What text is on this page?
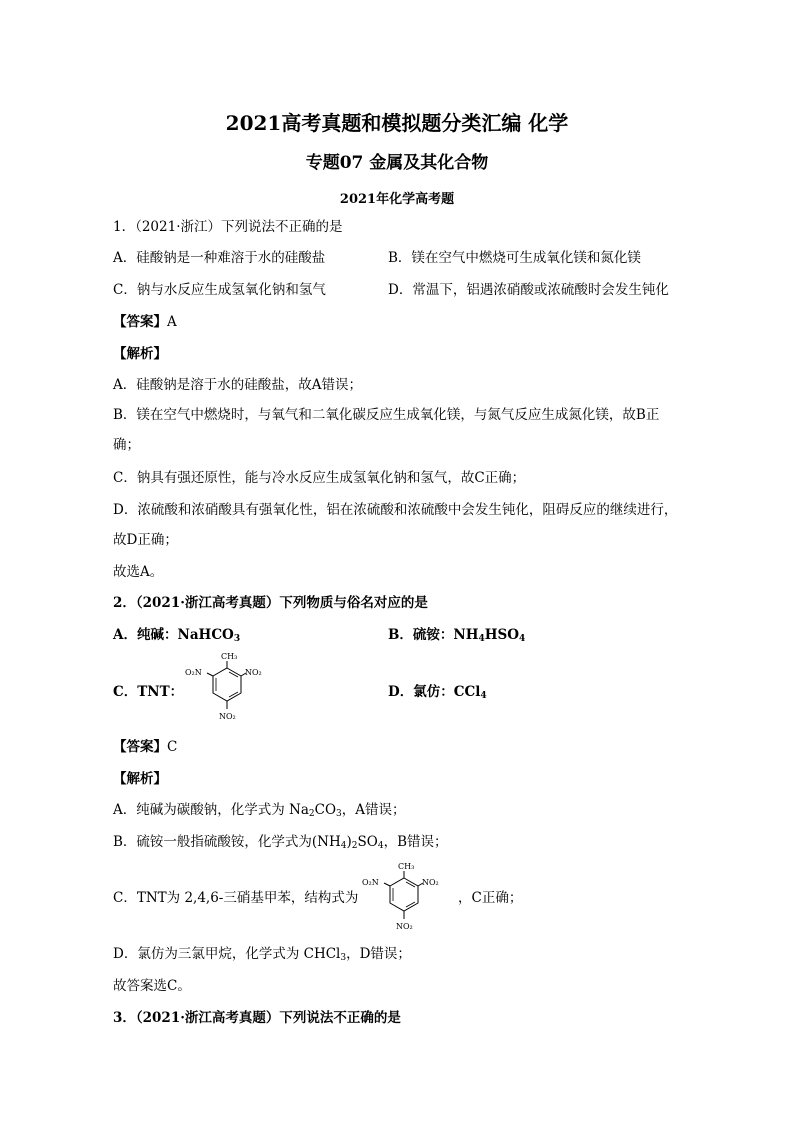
2021高考真题和模拟题分类汇编 化学
专题07 金属及其化合物
2021年化学高考题
1．（2021·浙江）下列说法不正确的是
A．硅酸钠是一种难溶于水的硅酸盐	B．镁在空气中燃烧可生成氧化镁和氮化镁
C．钠与水反应生成氢氧化钠和氢气	D．常温下，铝遇浓硝酸或浓硫酸时会发生钝化
【答案】A
【解析】
A．硅酸钠是溶于水的硅酸盐，故A错误；
B．镁在空气中燃烧时，与氧气和二氧化碳反应生成氧化镁，与氮气反应生成氮化镁，故B正
确；
C．钠具有强还原性，能与冷水反应生成氢氧化钠和氢气，故C正确；
D．浓硫酸和浓硝酸具有强氧化性，铝在浓硫酸和浓硫酸中会发生钝化，阻碍反应的继续进行，
故D正确；
故选A。
2．（2021·浙江高考真题）下列物质与俗名对应的是
A．纯碱：NaHCO$_3$	B．硫铵：$NH_4HSO_4$
C．TNT：
CH₃
O₂N	NO₂
NO₂
D．氯仿：CCl$_4$
【答案】C
【解析】
A．纯碱为碳酸钠，化学式为 $Na_2CO_3$，A错误；
B．硫铵一般指硫酸铵，化学式为$(NH_4)_2SO_4$，B错误；
C．TNT为 2,4,6-三硝基甲苯，结构式为
CH₃
O₂N	NO₂
NO₂
，C正确；
D．氯仿为三氯甲烷，化学式为 CHCl$_3$，D错误；
故答案选C。
3．（2021·浙江高考真题）下列说法不正确的是
